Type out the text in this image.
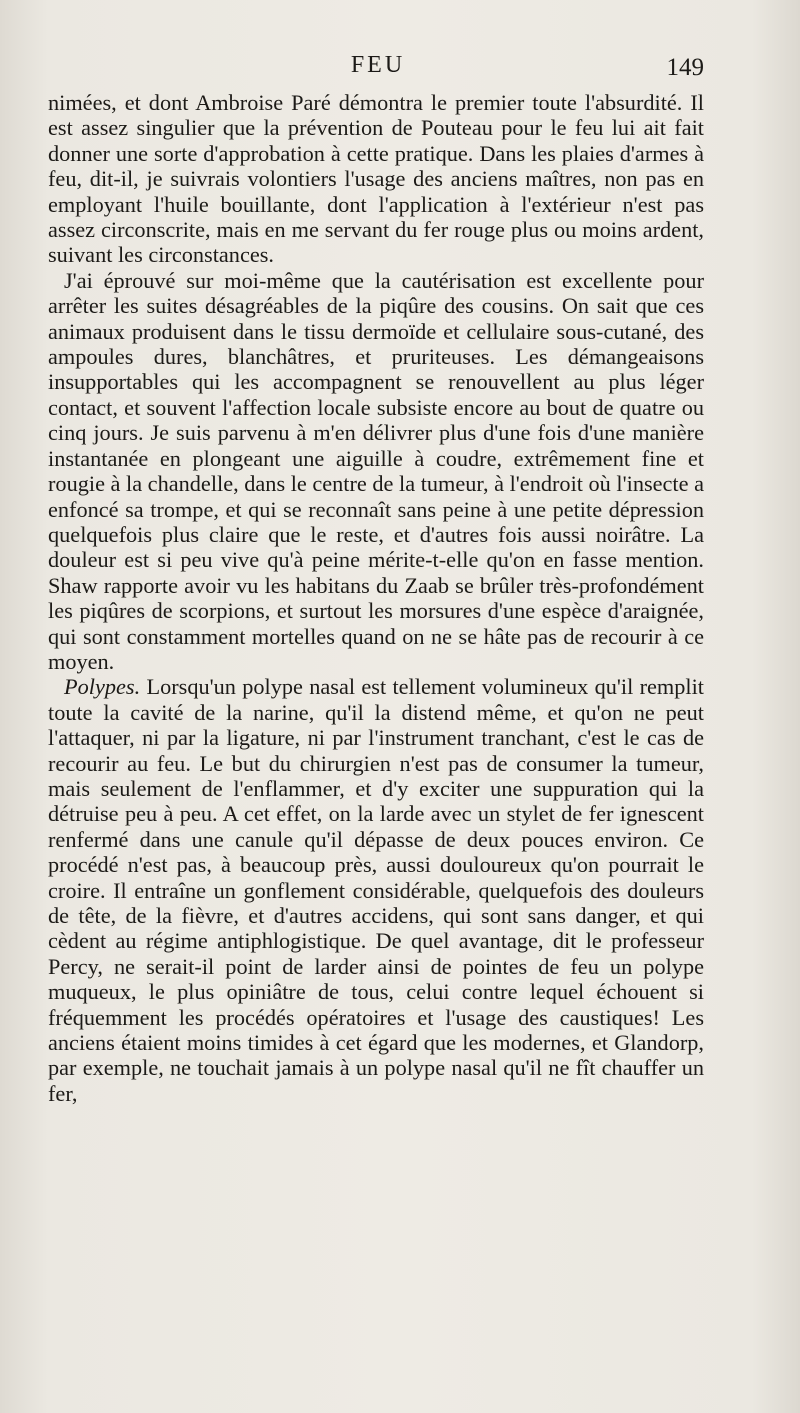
FEU	149

nimées, et dont Ambroise Paré démontra le premier toute l'absurdité. Il est assez singulier que la prévention de Pouteau pour le feu lui ait fait donner une sorte d'approbation à cette pratique. Dans les plaies d'armes à feu, dit-il, je suivrais volontiers l'usage des anciens maîtres, non pas en employant l'huile bouillante, dont l'application à l'extérieur n'est pas assez circonscrite, mais en me servant du fer rouge plus ou moins ardent, suivant les circonstances.

J'ai éprouvé sur moi-même que la cautérisation est excellente pour arrêter les suites désagréables de la piqûre des cousins. On sait que ces animaux produisent dans le tissu dermoïde et cellulaire sous-cutané, des ampoules dures, blanchâtres, et pruriteuses. Les démangeaisons insupportables qui les accompagnent se renouvellent au plus léger contact, et souvent l'affection locale subsiste encore au bout de quatre ou cinq jours. Je suis parvenu à m'en délivrer plus d'une fois d'une manière instantanée en plongeant une aiguille à coudre, extrêmement fine et rougie à la chandelle, dans le centre de la tumeur, à l'endroit où l'insecte a enfoncé sa trompe, et qui se reconnaît sans peine à une petite dépression quelquefois plus claire que le reste, et d'autres fois aussi noirâtre. La douleur est si peu vive qu'à peine mérite-t-elle qu'on en fasse mention. Shaw rapporte avoir vu les habitans du Zaab se brûler très-profondément les piqûres de scorpions, et surtout les morsures d'une espèce d'araignée, qui sont constamment mortelles quand on ne se hâte pas de recourir à ce moyen.

Polypes. Lorsqu'un polype nasal est tellement volumineux qu'il remplit toute la cavité de la narine, qu'il la distend même, et qu'on ne peut l'attaquer, ni par la ligature, ni par l'instrument tranchant, c'est le cas de recourir au feu. Le but du chirurgien n'est pas de consumer la tumeur, mais seulement de l'enflammer, et d'y exciter une suppuration qui la détruise peu à peu. A cet effet, on la larde avec un stylet de fer ignescent renfermé dans une canule qu'il dépasse de deux pouces environ. Ce procédé n'est pas, à beaucoup près, aussi douloureux qu'on pourrait le croire. Il entraîne un gonflement considérable, quelquefois des douleurs de tête, de la fièvre, et d'autres accidens, qui sont sans danger, et qui cèdent au régime antiphlogistique. De quel avantage, dit le professeur Percy, ne serait-il point de larder ainsi de pointes de feu un polype muqueux, le plus opiniâtre de tous, celui contre lequel échouent si fréquemment les procédés opératoires et l'usage des caustiques! Les anciens étaient moins timides à cet égard que les modernes, et Glandorp, par exemple, ne touchait jamais à un polype nasal qu'il ne fît chauffer un fer,
